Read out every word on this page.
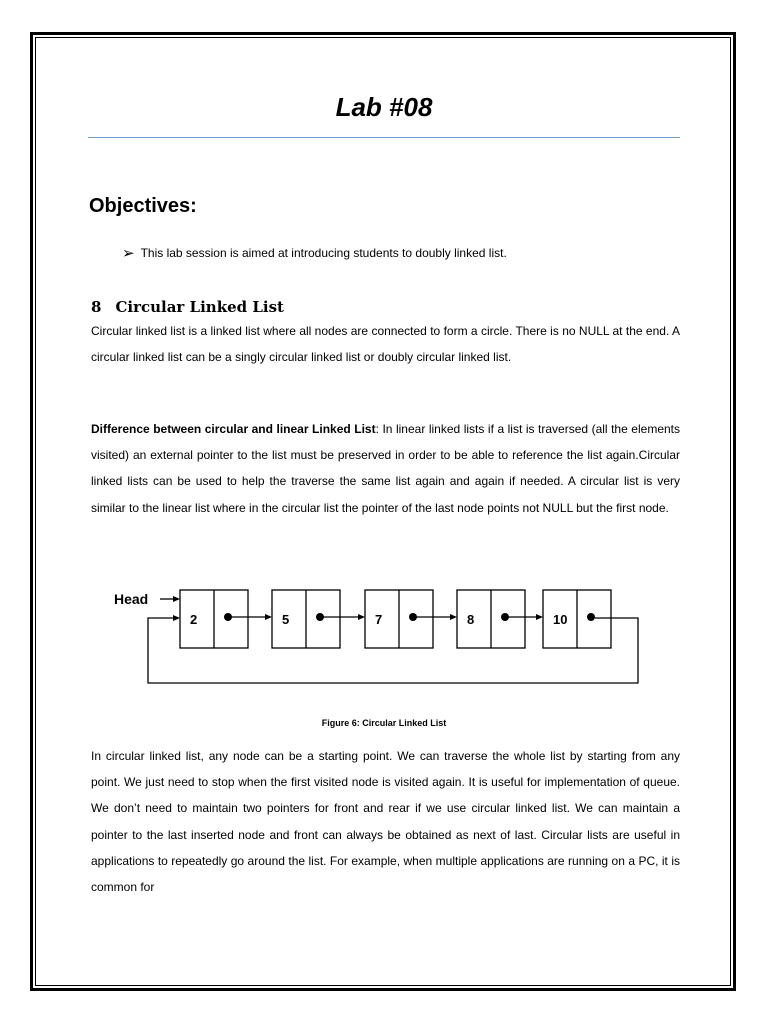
Lab #08
Objectives:
➢ This lab session is aimed at introducing students to doubly linked list.
8 Circular Linked List
Circular linked list is a linked list where all nodes are connected to form a circle. There is no NULL at the end. A circular linked list can be a singly circular linked list or doubly circular linked list.
Difference between circular and linear Linked List: In linear linked lists if a list is traversed (all the elements visited) an external pointer to the list must be preserved in order to be able to reference the list again.Circular linked lists can be used to help the traverse the same list again and again if needed. A circular list is very similar to the linear list where in the circular list the pointer of the last node points not NULL but the first node.
Head
2	5	7	8	10
Figure 6: Circular Linked List
In circular linked list, any node can be a starting point. We can traverse the whole list by starting from any point. We just need to stop when the first visited node is visited again. It is useful for implementation of queue. We don’t need to maintain two pointers for front and rear if we use circular linked list. We can maintain a pointer to the last inserted node and front can always be obtained as next of last. Circular lists are useful in applications to repeatedly go around the list. For example, when multiple applications are running on a PC, it is common for
